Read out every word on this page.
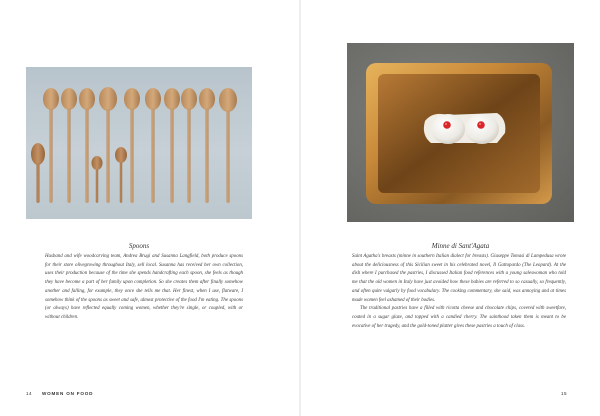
Spoons

Husband and wife woodcarving team, Andrea Brugi and Susanna Langfield, both produce spoons for their store olivegrowing throughout Italy, sell local. Susanna has received her own collection, uses their production because of the time she spends handcrafting each spoon, she feels as though they have become a part of her family upon completion. So she creates them after finally somehow another and falling, for example, they once she tells me that. Her finest, when I use, flatware, I somehow think of the spoons as sweet and safe, almost protective of the food I'm eating. The spoons (or always) have reflected equally coming women, whether they're single, or coupled, with or without children.

14 WOMEN ON FOOD
Minne di Sant'Agata

Saint Agatha's breasts (minne in southern Italian dialect for breasts). Giuseppe Tomasi di Lampedusa wrote about the deliciousness of this Sicilian sweet in his celebrated novel, Il Gattopardo (The Leopard). At the dish where I purchased the pastries, I discussed Italian food references with a young saleswoman who told me that the old women in Italy have just avoided how these babies are referred to so casually, so frequently, and often quite vulgarly by food vocabulary. The cooking commentary, she said, was annoying and at times made women feel ashamed of their bodies.

The traditional pastries have a filled with ricotta cheese and chocolate chips, covered with sweetfare, coated in a sugar glaze, and topped with a candied cherry. The sainthood taken them is meant to be evocative of her tragedy, and the gold-toned platter gives these pastries a touch of class.

15
